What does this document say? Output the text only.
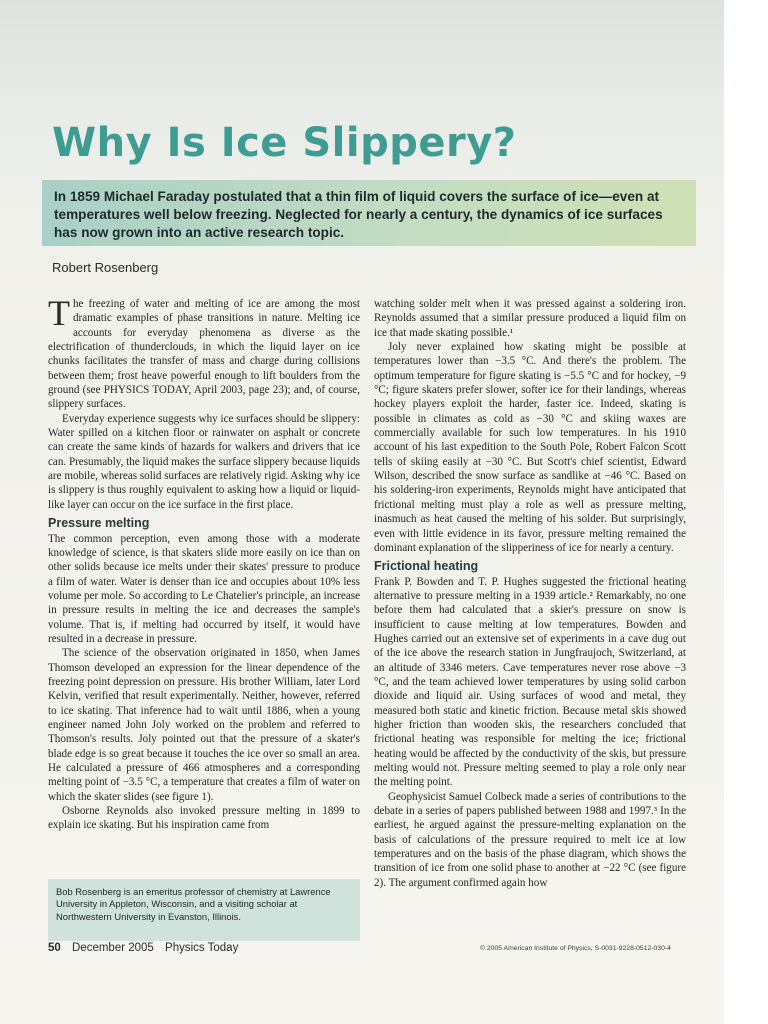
Why Is Ice Slippery?
In 1859 Michael Faraday postulated that a thin film of liquid covers the surface of ice—even at temperatures well below freezing. Neglected for nearly a century, the dynamics of ice surfaces has now grown into an active research topic.
Robert Rosenberg

The freezing of water and melting of ice are among the most dramatic examples of phase transitions in nature. Melting ice accounts for everyday phenomena as diverse as the electrification of thunderclouds, in which the liquid layer on ice chunks facilitates the transfer of mass and charge during collisions between them; frost heave powerful enough to lift boulders from the ground (see PHYSICS TODAY, April 2003, page 23); and, of course, slippery surfaces.

Everyday experience suggests why ice surfaces should be slippery: Water spilled on a kitchen floor or rainwater on asphalt or concrete can create the same kinds of hazards for walkers and drivers that ice can. Presumably, the liquid makes the surface slippery because liquids are mobile, whereas solid surfaces are relatively rigid. Asking why ice is slippery is thus roughly equivalent to asking how a liquid or liquid-like layer can occur on the ice surface in the first place.

Pressure melting

The common perception, even among those with a moderate knowledge of science, is that skaters slide more easily on ice than on other solids because ice melts under their skates' pressure to produce a film of water. Water is denser than ice and occupies about 10% less volume per mole. So according to Le Chatelier's principle, an increase in pressure results in melting the ice and decreases the sample's volume. That is, if melting had occurred by itself, it would have resulted in a decrease in pressure.

The science of the observation originated in 1850, when James Thomson developed an expression for the linear dependence of the freezing point depression on pressure. His brother William, later Lord Kelvin, verified that result experimentally. Neither, however, referred to ice skating. That inference had to wait until 1886, when a young engineer named John Joly worked on the problem and referred to Thomson's results. Joly pointed out that the pressure of a skater's blade edge is so great because it touches the ice over so small an area. He calculated a pressure of 466 atmospheres and a corresponding melting point of −3.5 °C, a temperature that creates a film of water on which the skater slides (see figure 1).

Osborne Reynolds also invoked pressure melting in 1899 to explain ice skating. But his inspiration came from

watching solder melt when it was pressed against a soldering iron. Reynolds assumed that a similar pressure produced a liquid film on ice that made skating possible.¹

Joly never explained how skating might be possible at temperatures lower than −3.5 °C. And there's the problem. The optimum temperature for figure skating is −5.5 °C and for hockey, −9 °C; figure skaters prefer slower, softer ice for their landings, whereas hockey players exploit the harder, faster ice. Indeed, skating is possible in climates as cold as −30 °C and skiing waxes are commercially available for such low temperatures. In his 1910 account of his last expedition to the South Pole, Robert Falcon Scott tells of skiing easily at −30 °C. But Scott's chief scientist, Edward Wilson, described the snow surface as sandlike at −46 °C. Based on his soldering-iron experiments, Reynolds might have anticipated that frictional melting must play a role as well as pressure melting, inasmuch as heat caused the melting of his solder. But surprisingly, even with little evidence in its favor, pressure melting remained the dominant explanation of the slipperiness of ice for nearly a century.

Frictional heating

Frank P. Bowden and T. P. Hughes suggested the frictional heating alternative to pressure melting in a 1939 article.² Remarkably, no one before them had calculated that a skier's pressure on snow is insufficient to cause melting at low temperatures. Bowden and Hughes carried out an extensive set of experiments in a cave dug out of the ice above the research station in Jungfraujoch, Switzerland, at an altitude of 3346 meters. Cave temperatures never rose above −3 °C, and the team achieved lower temperatures by using solid carbon dioxide and liquid air. Using surfaces of wood and metal, they measured both static and kinetic friction. Because metal skis showed higher friction than wooden skis, the researchers concluded that frictional heating was responsible for melting the ice; frictional heating would be affected by the conductivity of the skis, but pressure melting would not. Pressure melting seemed to play a role only near the melting point.

Geophysicist Samuel Colbeck made a series of contributions to the debate in a series of papers published between 1988 and 1997.³ In the earliest, he argued against the pressure-melting explanation on the basis of calculations of the pressure required to melt ice at low temperatures and on the basis of the phase diagram, which shows the transition of ice from one solid phase to another at −22 °C (see figure 2). The argument confirmed again how

Bob Rosenberg is an emeritus professor of chemistry at Lawrence University in Appleton, Wisconsin, and a visiting scholar at Northwestern University in Evanston, Illinois.
50 December 2005 Physics Today	© 2005 American Institute of Physics, S-0031-9228-0512-030-4
